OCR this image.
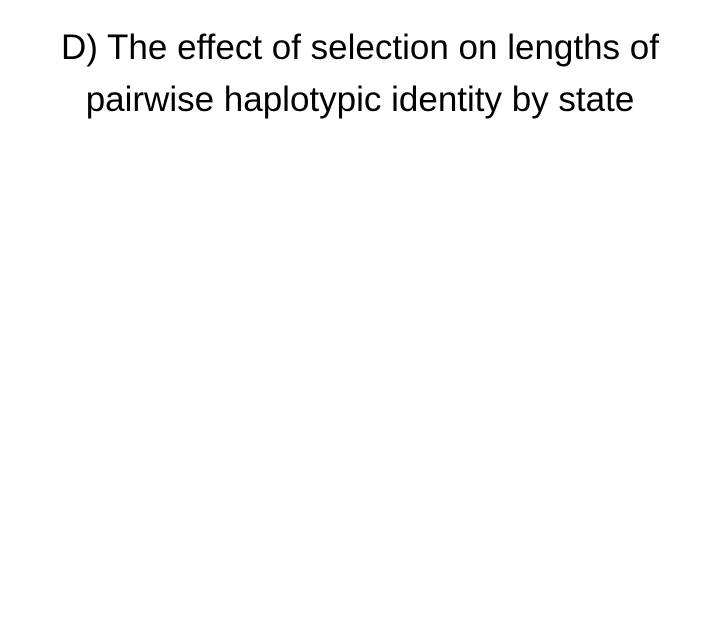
D) The effect of selection on lengths of
pairwise haplotypic identity by state
